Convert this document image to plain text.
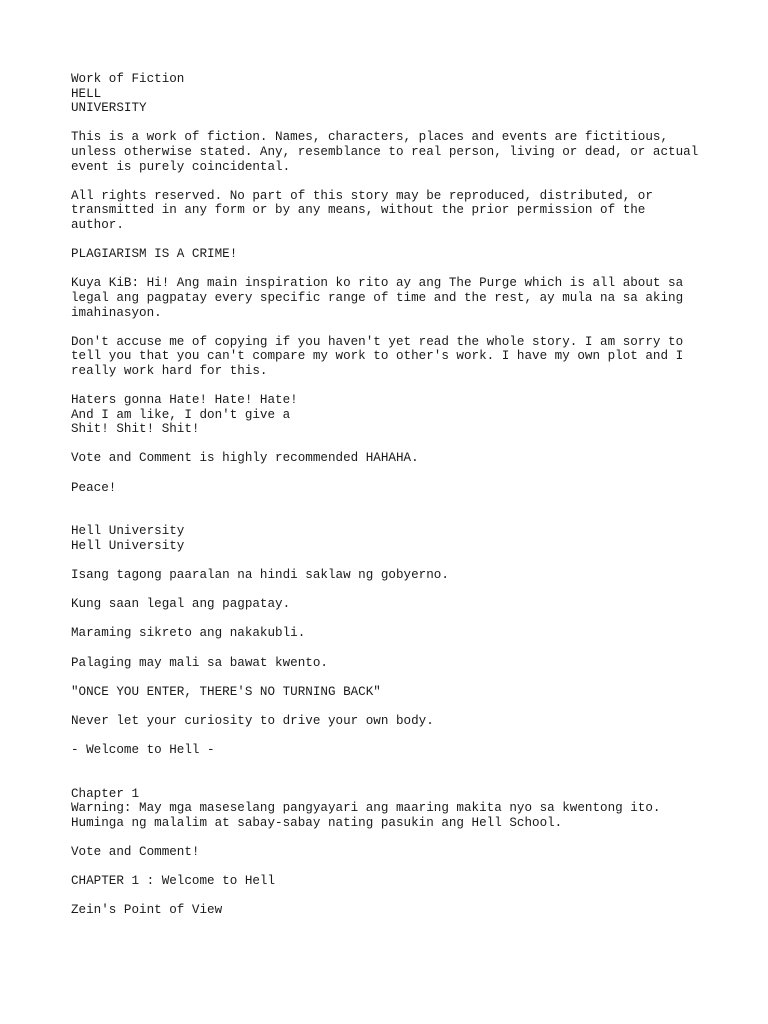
Work of Fiction

HELL

UNIVERSITY

This is a work of fiction. Names, characters, places and events are fictitious,

unless otherwise stated. Any, resemblance to real person, living or dead, or actual

event is purely coincidental.

All rights reserved. No part of this story may be reproduced, distributed, or

transmitted in any form or by any means, without the prior permission of the

author.

PLAGIARISM IS A CRIME!

Kuya KiB: Hi! Ang main inspiration ko rito ay ang The Purge which is all about sa

legal ang pagpatay every specific range of time and the rest, ay mula na sa aking

imahinasyon.

Don't accuse me of copying if you haven't yet read the whole story. I am sorry to

tell you that you can't compare my work to other's work. I have my own plot and I

really work hard for this.

Haters gonna Hate! Hate! Hate!

And I am like, I don't give a

Shit! Shit! Shit!

Vote and Comment is highly recommended HAHAHA.

Peace!

Hell University

Hell University

Isang tagong paaralan na hindi saklaw ng gobyerno.

Kung saan legal ang pagpatay.

Maraming sikreto ang nakakubli.

Palaging may mali sa bawat kwento.

"ONCE YOU ENTER, THERE'S NO TURNING BACK"

Never let your curiosity to drive your own body.

- Welcome to Hell -

Chapter 1

Warning: May mga maseselang pangyayari ang maaring makita nyo sa kwentong ito.

Huminga ng malalim at sabay-sabay nating pasukin ang Hell School.

Vote and Comment!

CHAPTER 1 : Welcome to Hell

Zein's Point of View
